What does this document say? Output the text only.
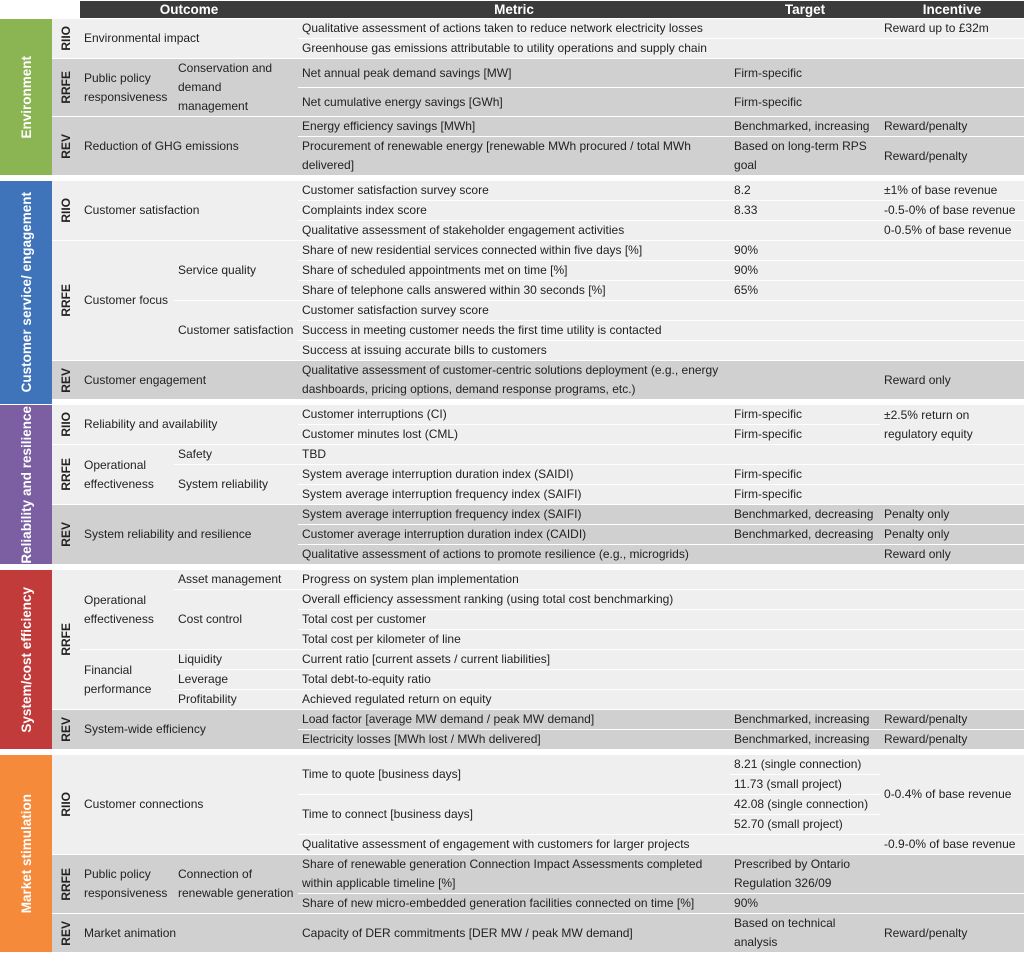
		Outcome		Metric	Target	Incentive

Environment	RIIO	Environmental impact		Qualitative assessment of actions taken to reduce network electricity losses		Reward up to £32m
				Greenhouse gas emissions attributable to utility operations and supply chain		

	RRFE	Public policy responsiveness	Conservation and demand management	Net annual peak demand savings [MW]	Firm-specific	
				Net cumulative energy savings [GWh]	Firm-specific	

	REV	Reduction of GHG emissions		Energy efficiency savings [MWh]	Benchmarked, increasing	Reward/penalty
				Procurement of renewable energy [renewable MWh procured / total MWh delivered]	Based on long-term RPS goal	Reward/penalty

Customer service/ engagement	RIIO	Customer satisfaction		Customer satisfaction survey score	8.2	±1% of base revenue
				Complaints index score	8.33	-0.5-0% of base revenue
				Qualitative assessment of stakeholder engagement activities		0-0.5% of base revenue

	RRFE	Customer focus	Service quality	Share of new residential services connected within five days [%]	90%	
				Share of scheduled appointments met on time [%]	90%	
				Share of telephone calls answered within 30 seconds [%]	65%	
			Customer satisfaction	Customer satisfaction survey score		
				Success in meeting customer needs the first time utility is contacted		
				Success at issuing accurate bills to customers		

	REV	Customer engagement		Qualitative assessment of customer-centric solutions deployment (e.g., energy dashboards, pricing options, demand response programs, etc.)		Reward only

Reliability and resilience	RIIO	Reliability and availability		Customer interruptions (CI)	Firm-specific	±2.5% return on regulatory equity
				Customer minutes lost (CML)	Firm-specific	

	RRFE	Operational effectiveness	Safety	TBD		
			System reliability	System average interruption duration index (SAIDI)	Firm-specific	
				System average interruption frequency index (SAIFI)	Firm-specific	

	REV	System reliability and resilience		System average interruption frequency index (SAIFI)	Benchmarked, decreasing	Penalty only
				Customer average interruption duration index (CAIDI)	Benchmarked, decreasing	Penalty only
				Qualitative assessment of actions to promote resilience (e.g., microgrids)		Reward only

System/cost efficiency	RRFE	Operational effectiveness	Asset management	Progress on system plan implementation		
			Cost control	Overall efficiency assessment ranking (using total cost benchmarking)		
				Total cost per customer		
				Total cost per kilometer of line		
		Financial performance	Liquidity	Current ratio [current assets / current liabilities]		
			Leverage	Total debt-to-equity ratio		
			Profitability	Achieved regulated return on equity		

	REV	System-wide efficiency		Load factor [average MW demand / peak MW demand]	Benchmarked, increasing	Reward/penalty
				Electricity losses [MWh lost / MWh delivered]	Benchmarked, increasing	Reward/penalty

Market stimulation	RIIO	Customer connections		Time to quote [business days]	8.21 (single connection)	0-0.4% of base revenue
					11.73 (small project)	
				Time to connect [business days]	42.08 (single connection)	
					52.70 (small project)	
				Qualitative assessment of engagement with customers for larger projects		-0.9-0% of base revenue

	RRFE	Public policy responsiveness	Connection of renewable generation	Share of renewable generation Connection Impact Assessments completed within applicable timeline [%]	Prescribed by Ontario Regulation 326/09	

				Share of new micro-embedded generation facilities connected on time [%]	90%	

	REV	Market animation		Capacity of DER commitments [DER MW / peak MW demand]	Based on technical analysis	Reward/penalty
